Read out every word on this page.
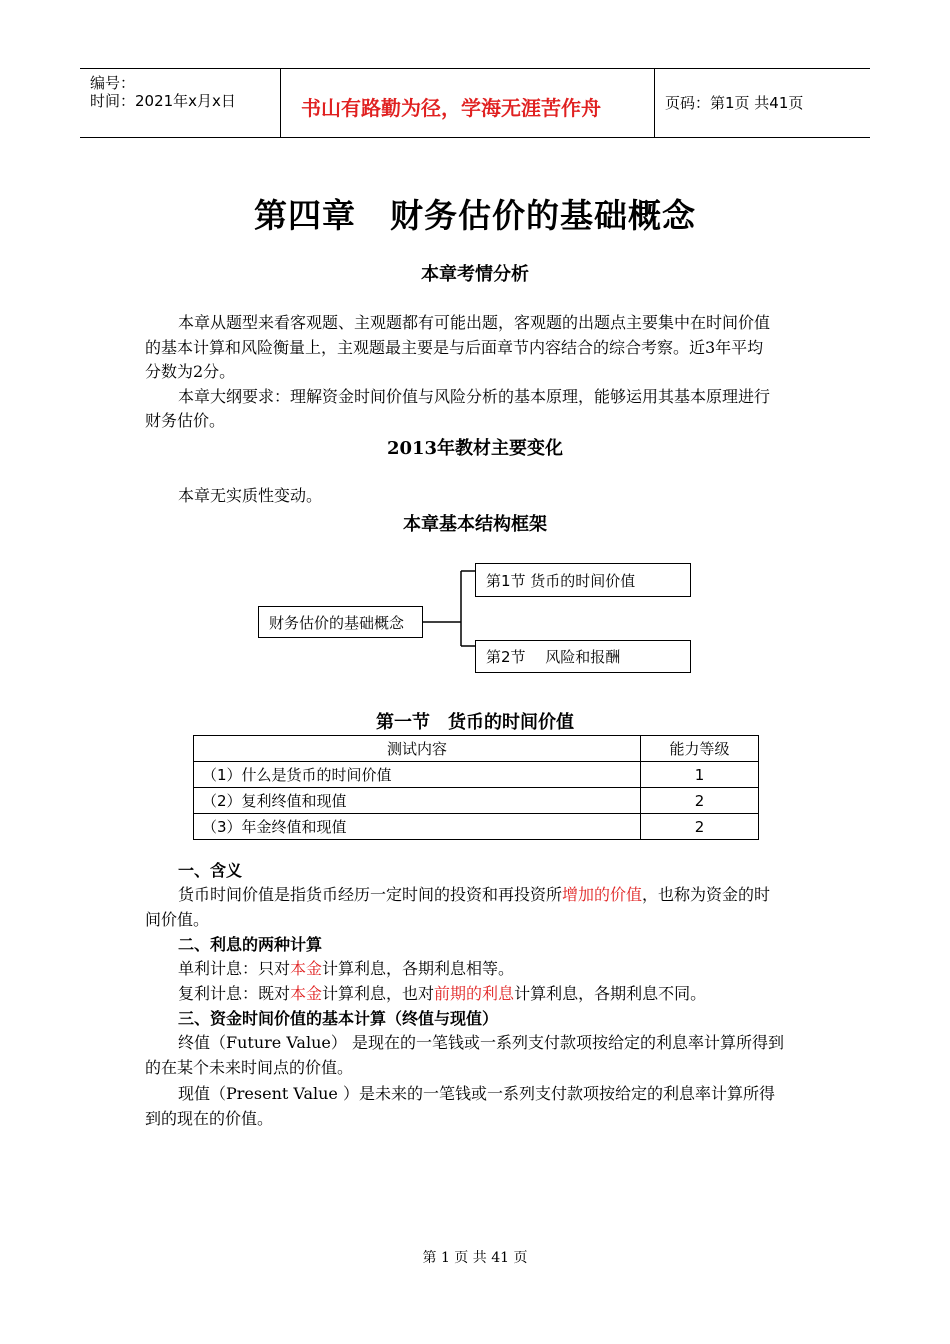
编号：
时间：2021年x月x日	书山有路勤为径，学海无涯苦作舟	页码：第1页 共41页
第四章　财务估价的基础概念
本章考情分析
本章从题型来看客观题、主观题都有可能出题，客观题的出题点主要集中在时间价值
的基本计算和风险衡量上，主观题最主要是与后面章节内容结合的综合考察。近3年平均
分数为2分。
本章大纲要求：理解资金时间价值与风险分析的基本原理，能够运用其基本原理进行
财务估价。
2013年教材主要变化
本章无实质性变动。
本章基本结构框架
财务估价的基础概念
第1节 货币的时间价值
第2节　 风险和报酬
第一节　货币的时间价值
测试内容	能力等级
（1）什么是货币的时间价值	1
（2）复利终值和现值	2
（3）年金终值和现值	2
一、含义
货币时间价值是指货币经历一定时间的投资和再投资所增加的价值，也称为资金的时
间价值。
二、利息的两种计算
单利计息：只对本金计算利息，各期利息相等。
复利计息：既对本金计算利息，也对前期的利息计算利息，各期利息不同。
三、资金时间价值的基本计算（终值与现值）
终值（Future Value） 是现在的一笔钱或一系列支付款项按给定的利息率计算所得到
的在某个未来时间点的价值。
现值（Present Value ）是未来的一笔钱或一系列支付款项按给定的利息率计算所得
到的现在的价值。
第 1 页 共 41 页
